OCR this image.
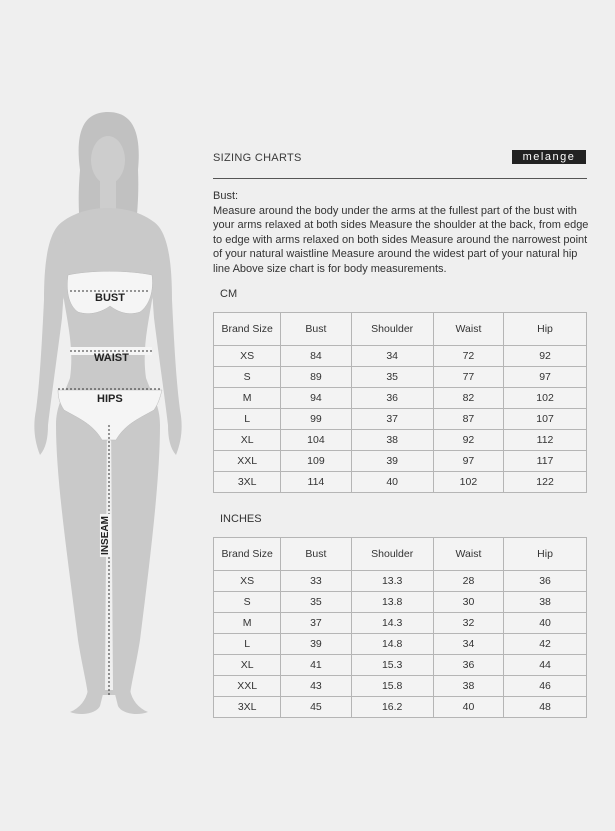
BUST
WAIST
HIPS
INSEAM
SIZING CHARTS	melange
Bust:
Measure around the body under the arms at the fullest part of the bust with your arms relaxed at both sides Measure the shoulder at the back, from edge to edge with arms relaxed on both sides Measure around the narrowest point of your natural waistline Measure around the widest part of your natural hip line Above size chart is for body measurements.
CM
Brand Size	Bust	Shoulder	Waist	Hip
XS	84	34	72	92
S	89	35	77	97
M	94	36	82	102
L	99	37	87	107
XL	104	38	92	112
XXL	109	39	97	117
3XL	114	40	102	122
INCHES
Brand Size	Bust	Shoulder	Waist	Hip
XS	33	13.3	28	36
S	35	13.8	30	38
M	37	14.3	32	40
L	39	14.8	34	42
XL	41	15.3	36	44
XXL	43	15.8	38	46
3XL	45	16.2	40	48
